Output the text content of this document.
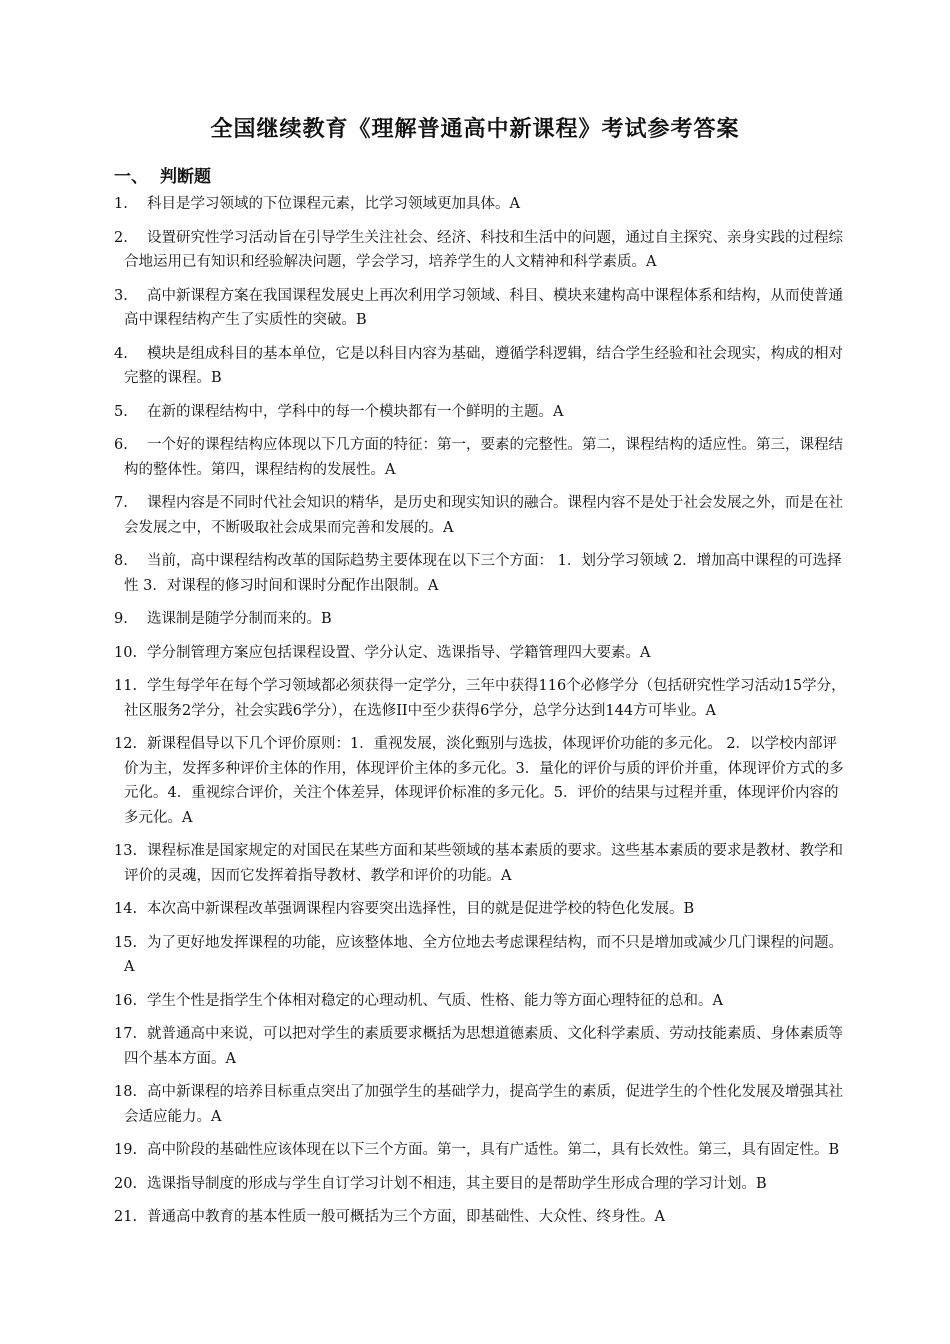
全国继续教育《理解普通高中新课程》考试参考答案
一、 判断题
1. 科目是学习领域的下位课程元素，比学习领域更加具体。A
2. 设置研究性学习活动旨在引导学生关注社会、经济、科技和生活中的问题，通过自主探究、亲身实践的过程综合地运用已有知识和经验解决问题，学会学习，培养学生的人文精神和科学素质。A
3. 高中新课程方案在我国课程发展史上再次利用学习领域、科目、模块来建构高中课程体系和结构，从而使普通高中课程结构产生了实质性的突破。B
4. 模块是组成科目的基本单位，它是以科目内容为基础，遵循学科逻辑，结合学生经验和社会现实，构成的相对完整的课程。B
5. 在新的课程结构中，学科中的每一个模块都有一个鲜明的主题。A
6. 一个好的课程结构应体现以下几方面的特征：第一，要素的完整性。第二，课程结构的适应性。第三，课程结构的整体性。第四，课程结构的发展性。A
7. 课程内容是不同时代社会知识的精华，是历史和现实知识的融合。课程内容不是处于社会发展之外，而是在社会发展之中，不断吸取社会成果而完善和发展的。A
8. 当前，高中课程结构改革的国际趋势主要体现在以下三个方面： 1．划分学习领域 2．增加高中课程的可选择性 3．对课程的修习时间和课时分配作出限制。A
9. 选课制是随学分制而来的。B
10. 学分制管理方案应包括课程设置、学分认定、选课指导、学籍管理四大要素。A
11. 学生每学年在每个学习领域都必须获得一定学分，三年中获得116个必修学分（包括研究性学习活动15学分，社区服务2学分，社会实践6学分），在选修II中至少获得6学分，总学分达到144方可毕业。A
12. 新课程倡导以下几个评价原则：1．重视发展，淡化甄别与选拔，体现评价功能的多元化。 2．以学校内部评价为主，发挥多种评价主体的作用，体现评价主体的多元化。3．量化的评价与质的评价并重，体现评价方式的多元化。4．重视综合评价，关注个体差异，体现评价标准的多元化。5．评价的结果与过程并重，体现评价内容的多元化。A
13. 课程标准是国家规定的对国民在某些方面和某些领域的基本素质的要求。这些基本素质的要求是教材、教学和评价的灵魂，因而它发挥着指导教材、教学和评价的功能。A
14. 本次高中新课程改革强调课程内容要突出选择性，目的就是促进学校的特色化发展。B
15. 为了更好地发挥课程的功能，应该整体地、全方位地去考虑课程结构，而不只是增加或减少几门课程的问题。A
16. 学生个性是指学生个体相对稳定的心理动机、气质、性格、能力等方面心理特征的总和。A
17. 就普通高中来说，可以把对学生的素质要求概括为思想道德素质、文化科学素质、劳动技能素质、身体素质等四个基本方面。A
18. 高中新课程的培养目标重点突出了加强学生的基础学力，提高学生的素质，促进学生的个性化发展及增强其社会适应能力。A
19. 高中阶段的基础性应该体现在以下三个方面。第一，具有广适性。第二，具有长效性。第三，具有固定性。B
20. 选课指导制度的形成与学生自订学习计划不相违，其主要目的是帮助学生形成合理的学习计划。B
21. 普通高中教育的基本性质一般可概括为三个方面，即基础性、大众性、终身性。A
